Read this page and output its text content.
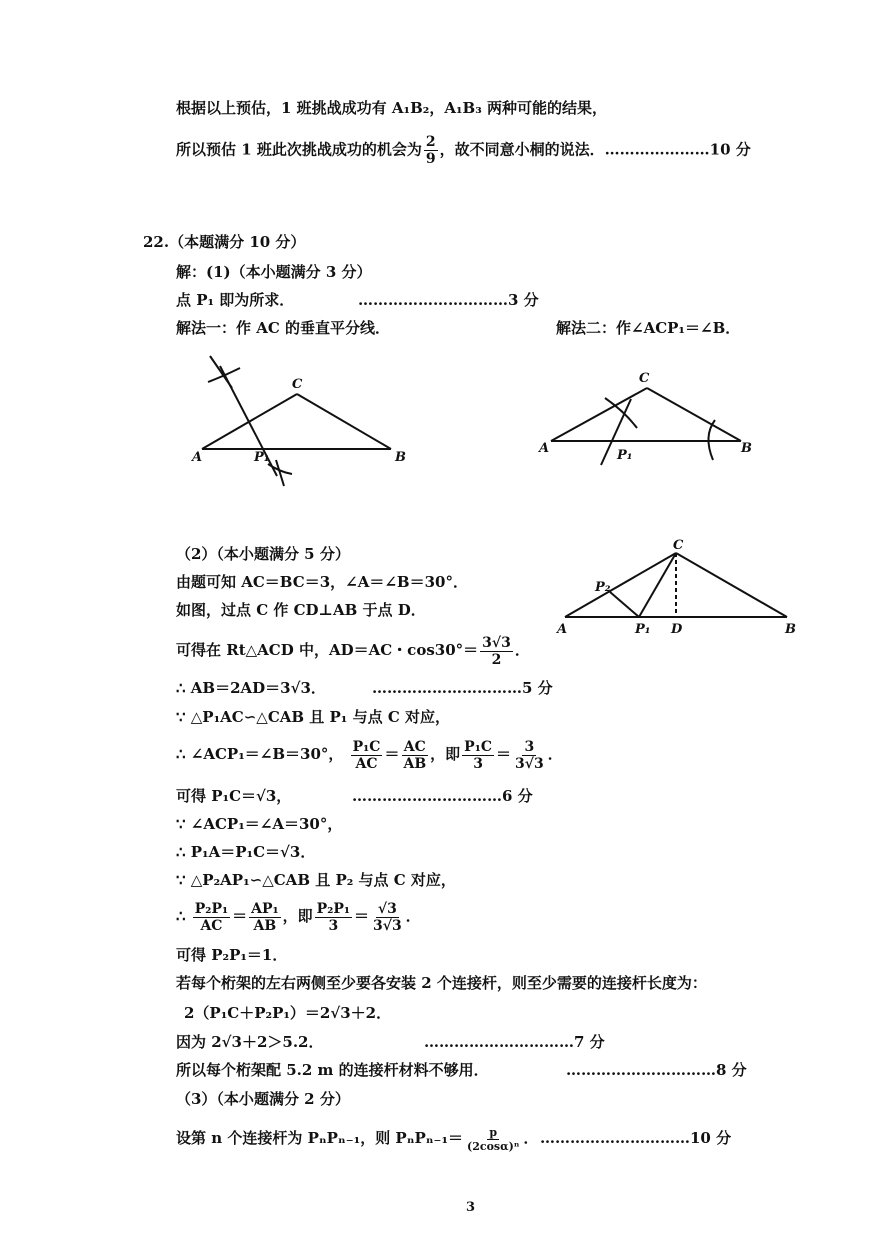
根据以上预估，1 班挑战成功有 A₁B₂，A₁B₃ 两种可能的结果，
所以预估 1 班此次挑战成功的机会为 $\frac{2}{9}$ ，故不同意小桐的说法．…………………10 分
22.（本题满分 10 分）
解：(1)（本小题满分 3 分）
点 P₁ 即为所求．	…………………………3 分
解法一：作 AC 的垂直平分线．	解法二：作∠ACP₁＝∠B．
A	B
C
P₁
A	B
C
P₁
（2）（本小题满分 5 分）
由题可知 AC＝BC＝3，∠A＝∠B＝30°．
如图，过点 C 作 CD⊥AB 于点 D．
A	B
C
D
P₁
P₂
可得在 Rt△ACD 中，AD＝AC・$\cos 30^\circ= \frac{3√3}{2}$ ．
∴ AB＝2AD＝3√3．	…………………………5 分
∵ △P₁AC∽△CAB 且 P₁ 与点 C 对应，
∴ ∠ACP₁＝∠B＝30°， $\frac{\text{P₁C}}{AC} = \frac{AC}{AB}$ ，即 $\frac{\text{P₁C}}{3} = \frac{3}{3√3}$ ．
可得 P₁C＝√3，	…………………………6 分
∵ ∠ACP₁＝∠A＝30°，
∴ P₁A＝P₁C＝√3．
∵ △P₂AP₁∽△CAB 且 P₂ 与点 C 对应，
∴ $\frac{\text{P₂P₁}}{AC} = \frac{\text{AP₁}}{AB}$ ，即 $\frac{\text{P₂P₁}}{3} = \frac{√3}{3√3}$ ．
可得 P₂P₁＝1．
若每个桁架的左右两侧至少要各安装 2 个连接杆，则至少需要的连接杆长度为：
2（P₁C＋P₂P₁）＝2√3＋2．
因为 2√3＋2＞5.2．	…………………………7 分
所以每个桁架配 5.2 m 的连接杆材料不够用．	…………………………8 分
（3）（本小题满分 2 分）
设第 n 个连接杆为 PₙPₙ₋₁，则 $P_nP_{n-1}= \frac{p}{\text{(2cosα)ⁿ}}$ ． …………………………10 分
3
